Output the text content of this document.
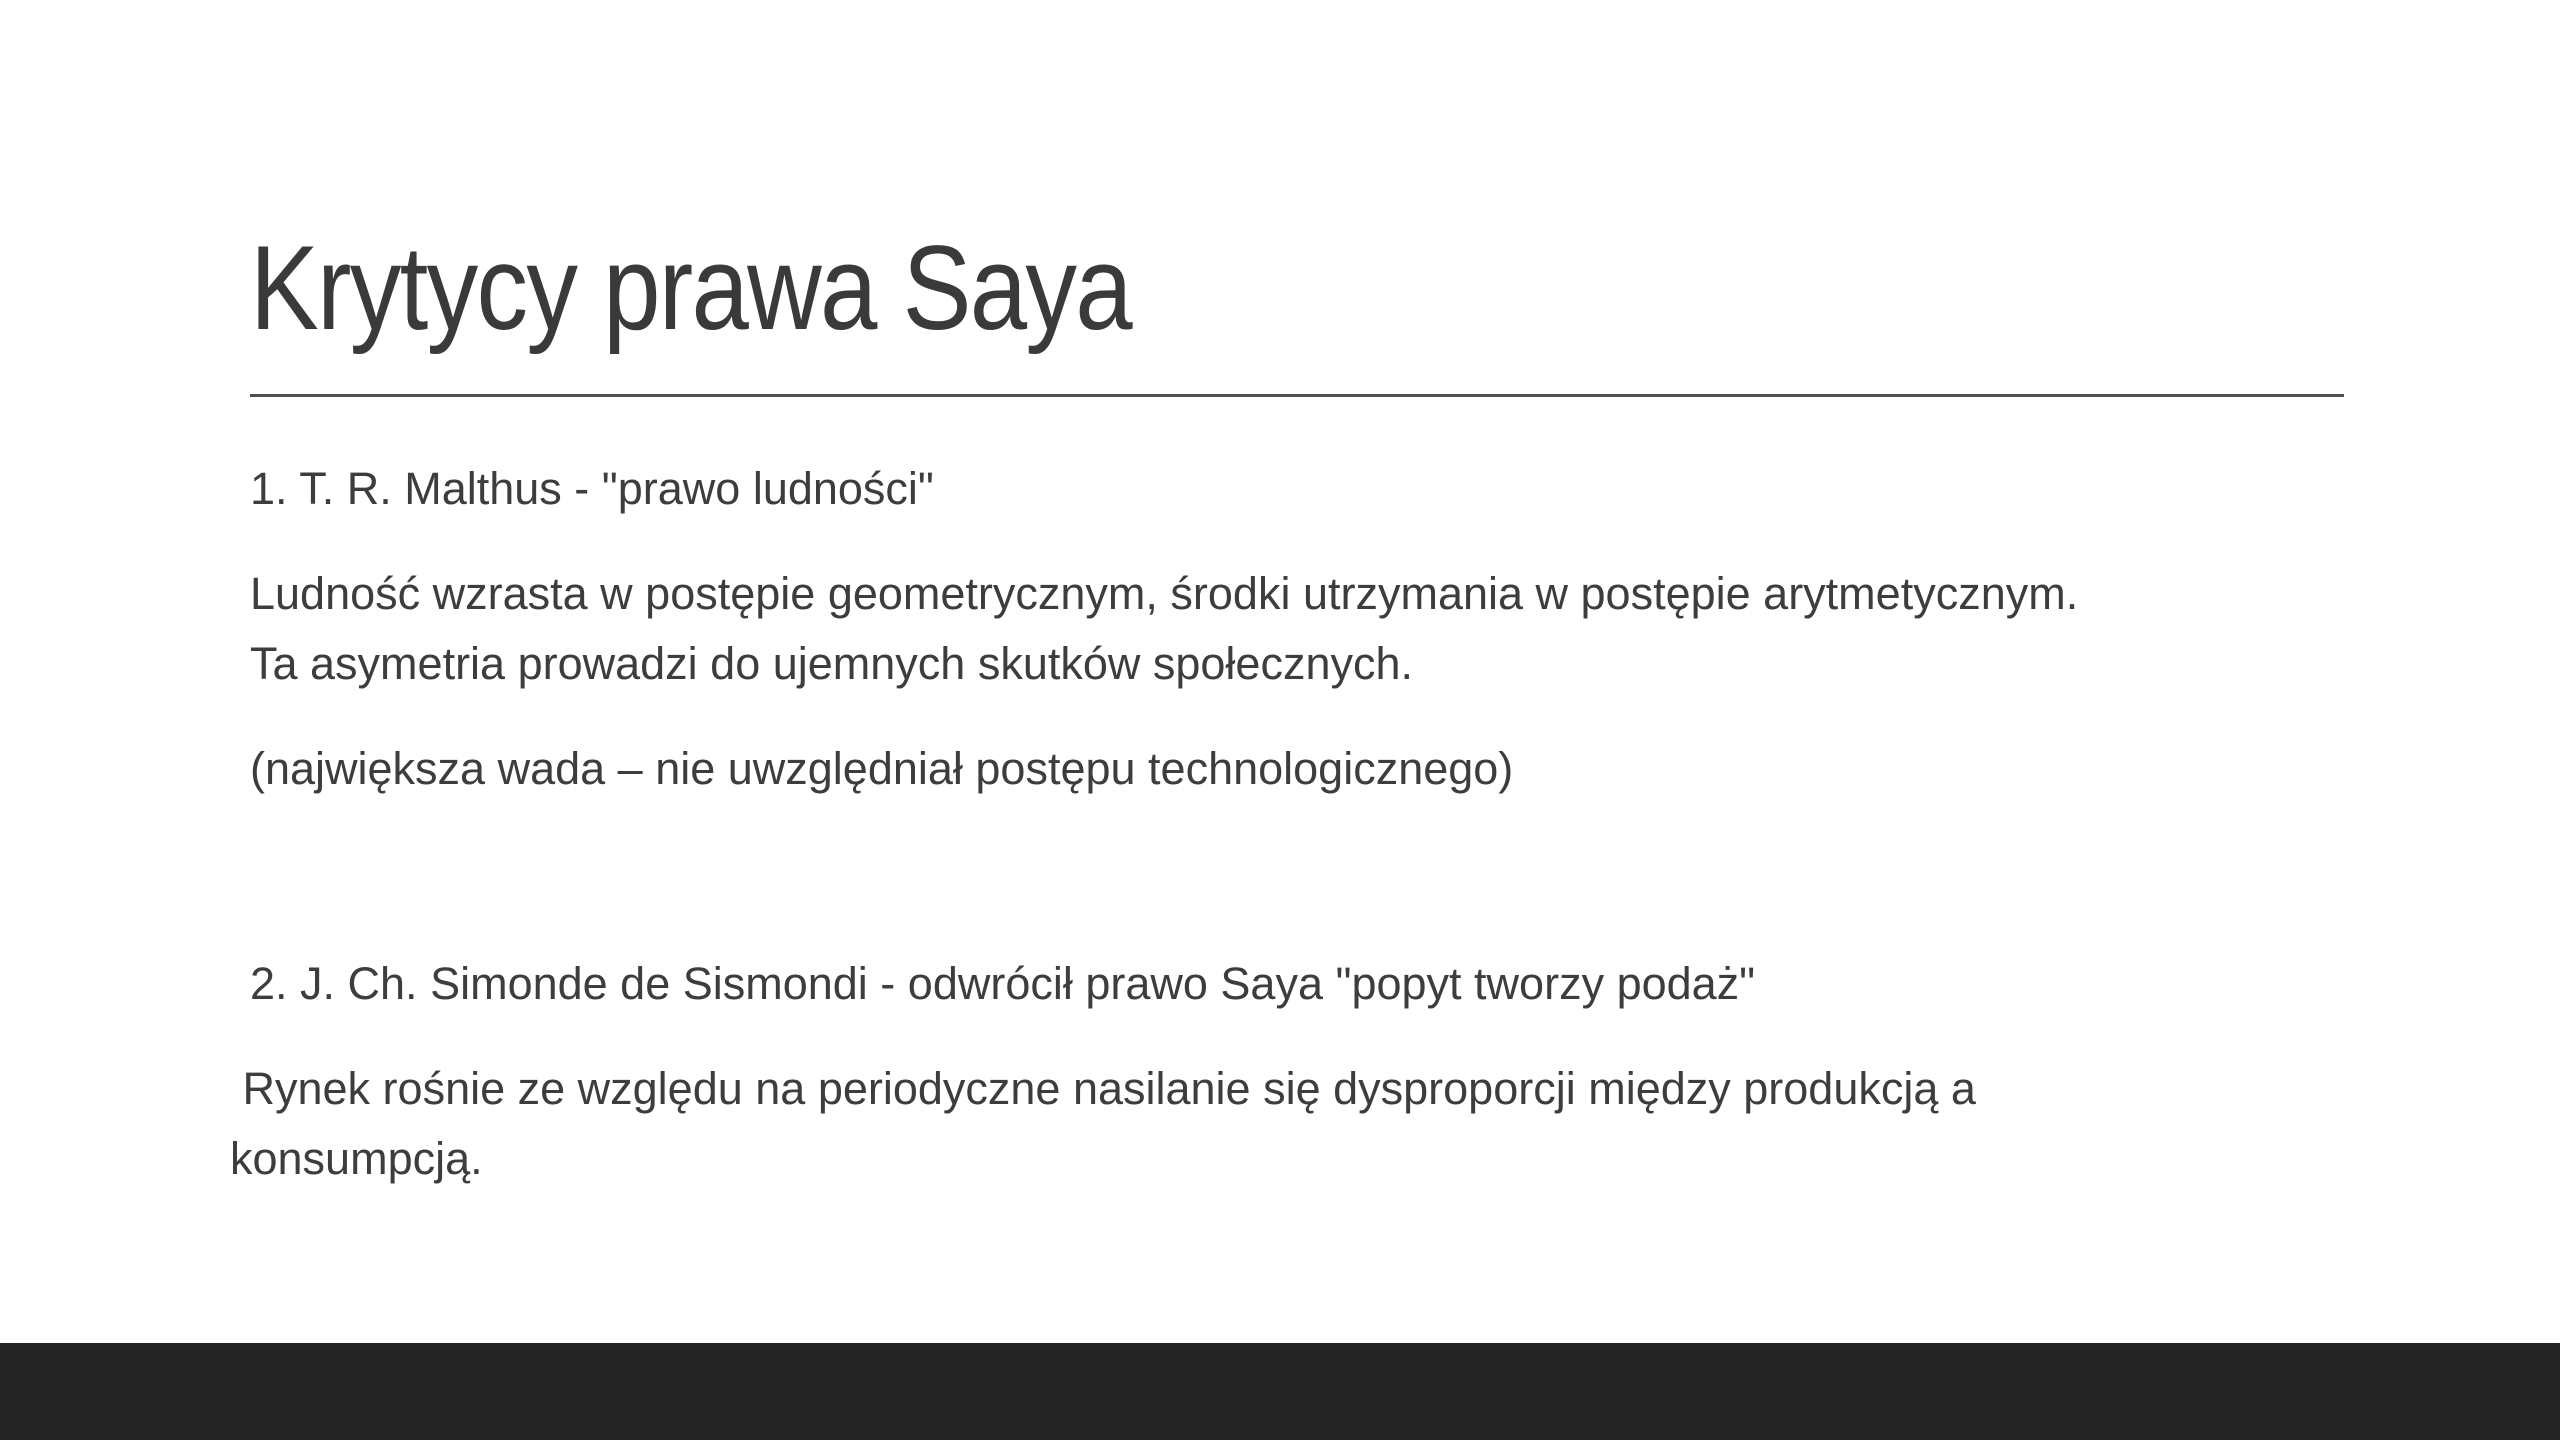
Krytycy prawa Saya

1. T. R. Malthus - "prawo ludności"

Ludność wzrasta w postępie geometrycznym, środki utrzymania w postępie arytmetycznym.

Ta asymetria prowadzi do ujemnych skutków społecznych.

(największa wada – nie uwzględniał postępu technologicznego)

2. J. Ch. Simonde de Sismondi - odwrócił prawo Saya "popyt tworzy podaż"

Rynek rośnie ze względu na periodyczne nasilanie się dysproporcji między produkcją a

konsumpcją.
